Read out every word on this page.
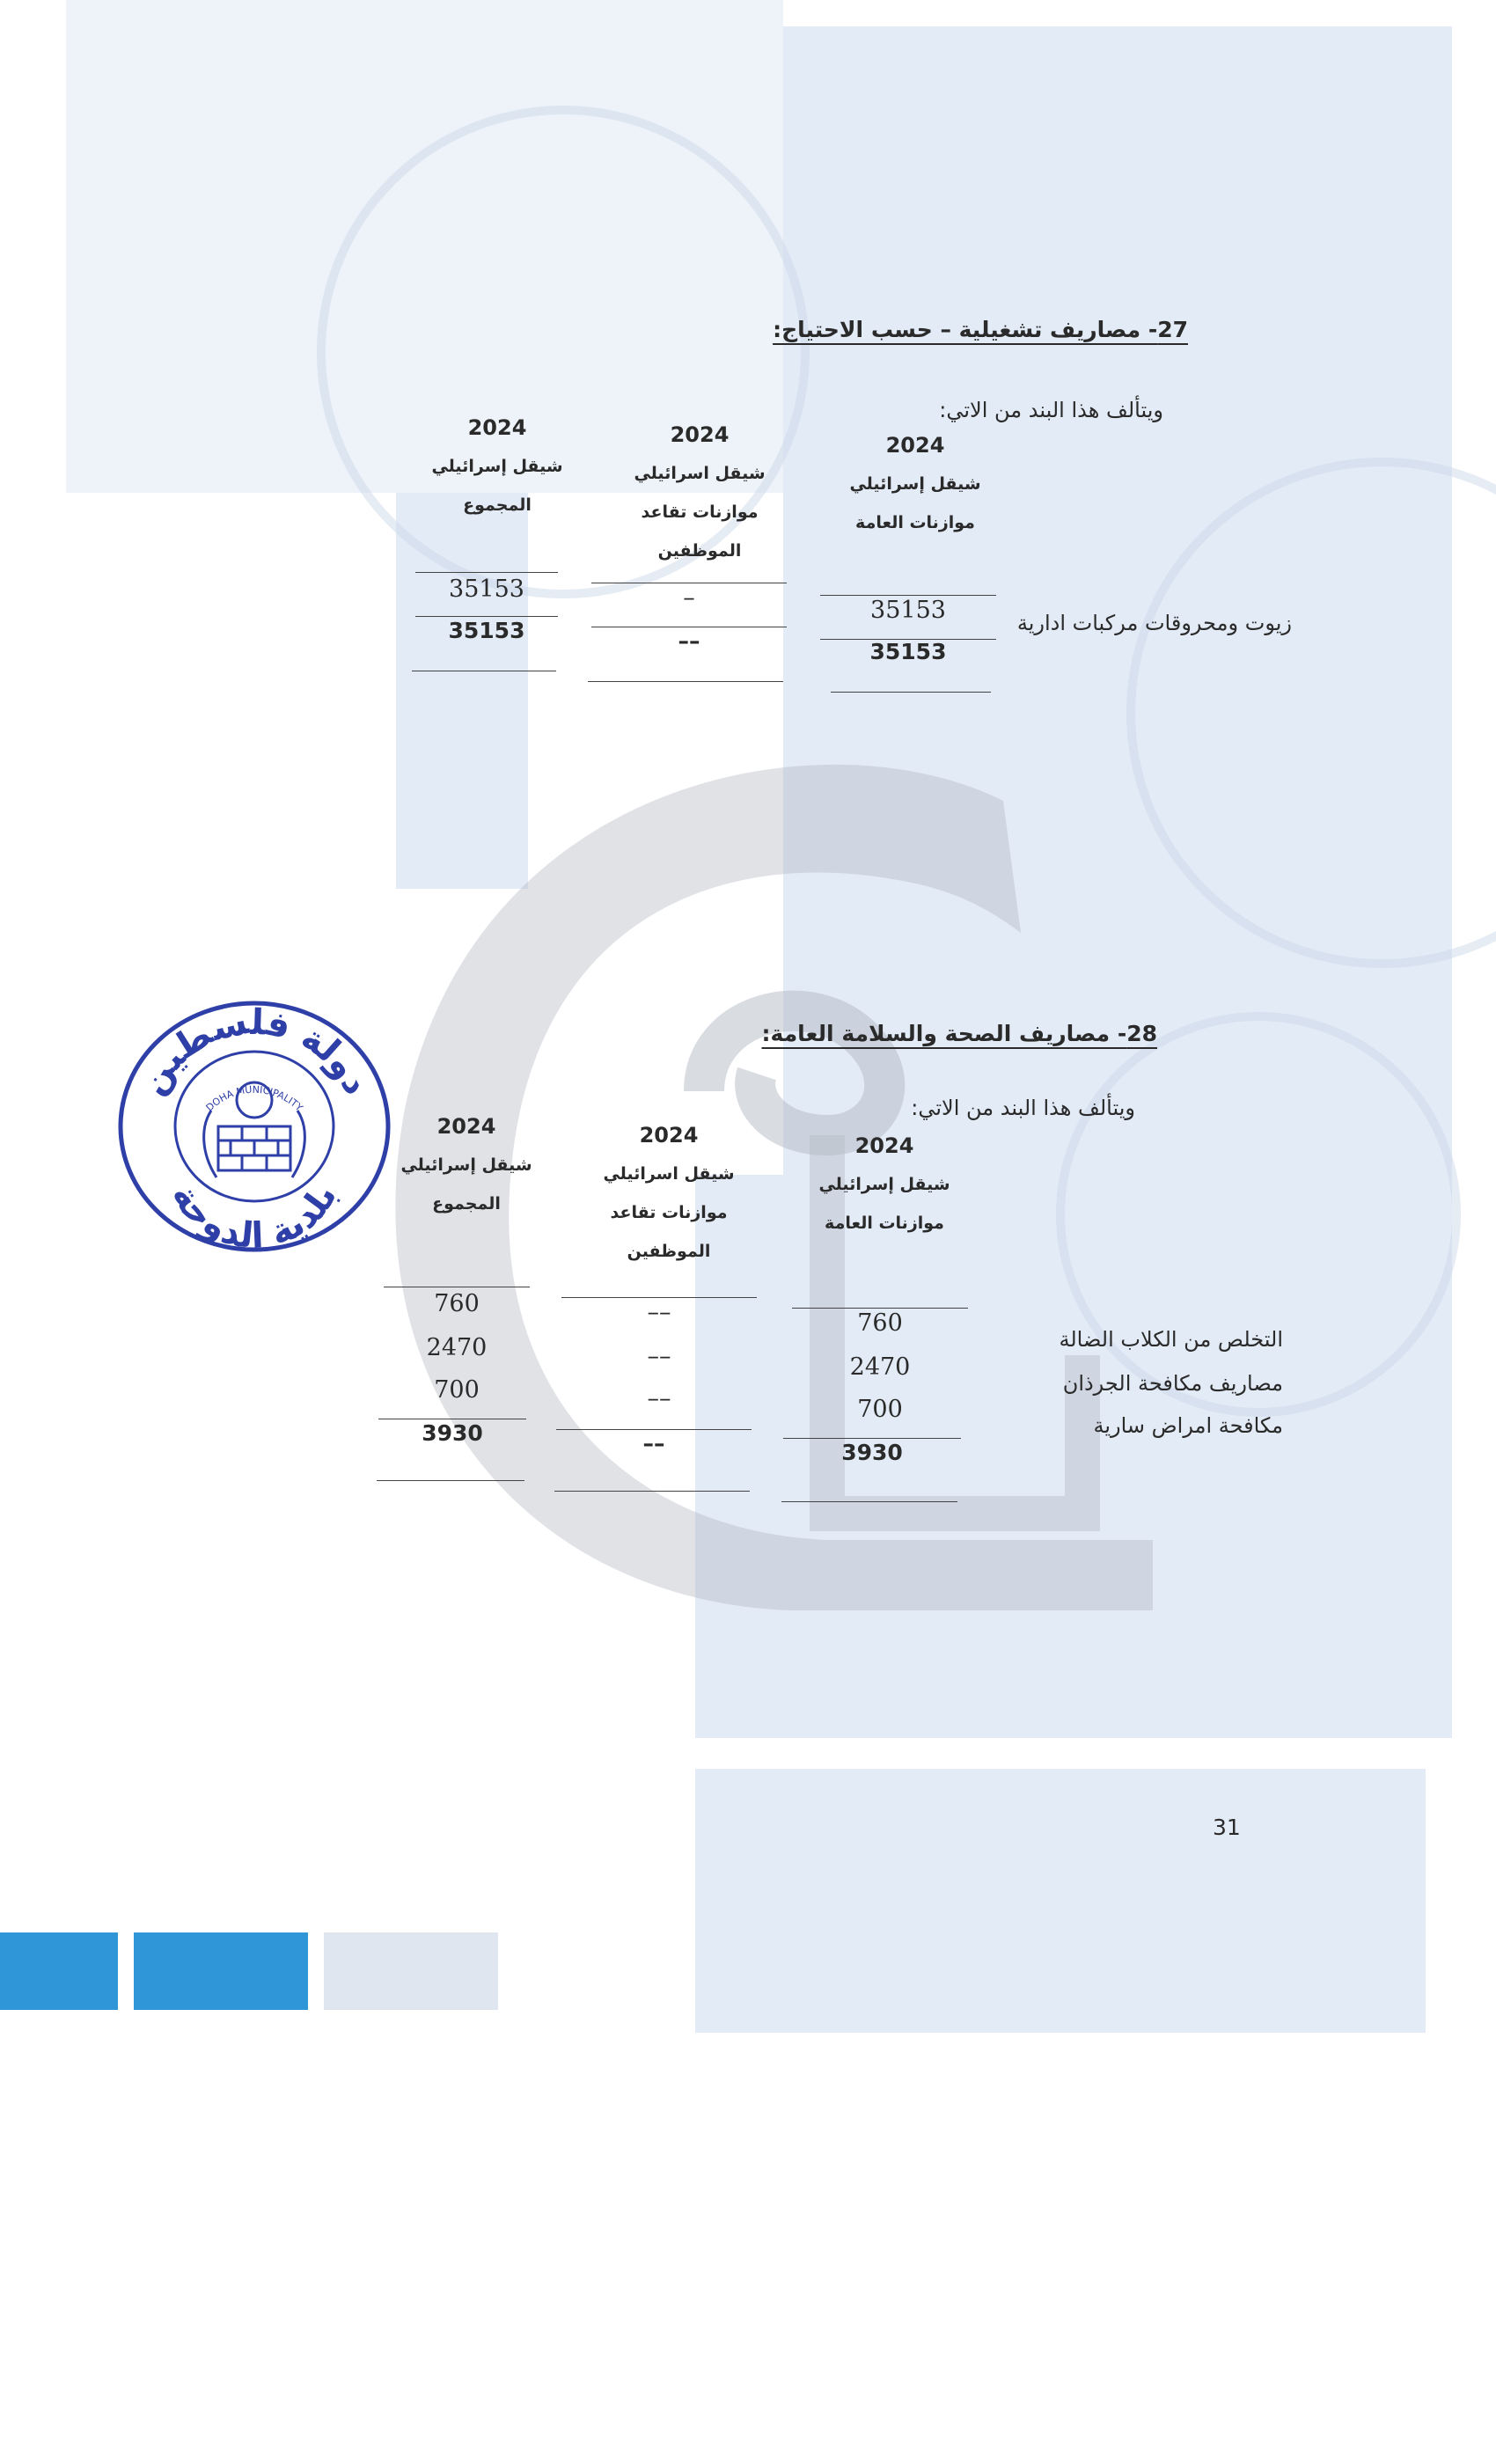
27- مصاريف تشغيلية – حسب الاحتياج:
ويتألف هذا البند من الاتي:
2024
شيقل إسرائيلي
موازنات العامة
2024
شيقل اسرائيلي
موازنات تقاعد الموظفين
2024
شيقل إسرائيلي
المجموع
زيوت ومحروقات مركبات ادارية
35153
–
35153
35153
––
35153
28- مصاريف الصحة والسلامة العامة:
ويتألف هذا البند من الاتي:
2024
شيقل إسرائيلي
موازنات العامة
2024
شيقل اسرائيلي
موازنات تقاعد الموظفين
2024
شيقل إسرائيلي
المجموع
التخلص من الكلاب الضالة
مصاريف مكافحة الجرذان
مكافحة امراض سارية
760
2470
700
––
––
––
760
2470
700
3930
––
3930
دولة فلسطين
بلدية الدوحة
DOHA MUNICIPALITY
31
